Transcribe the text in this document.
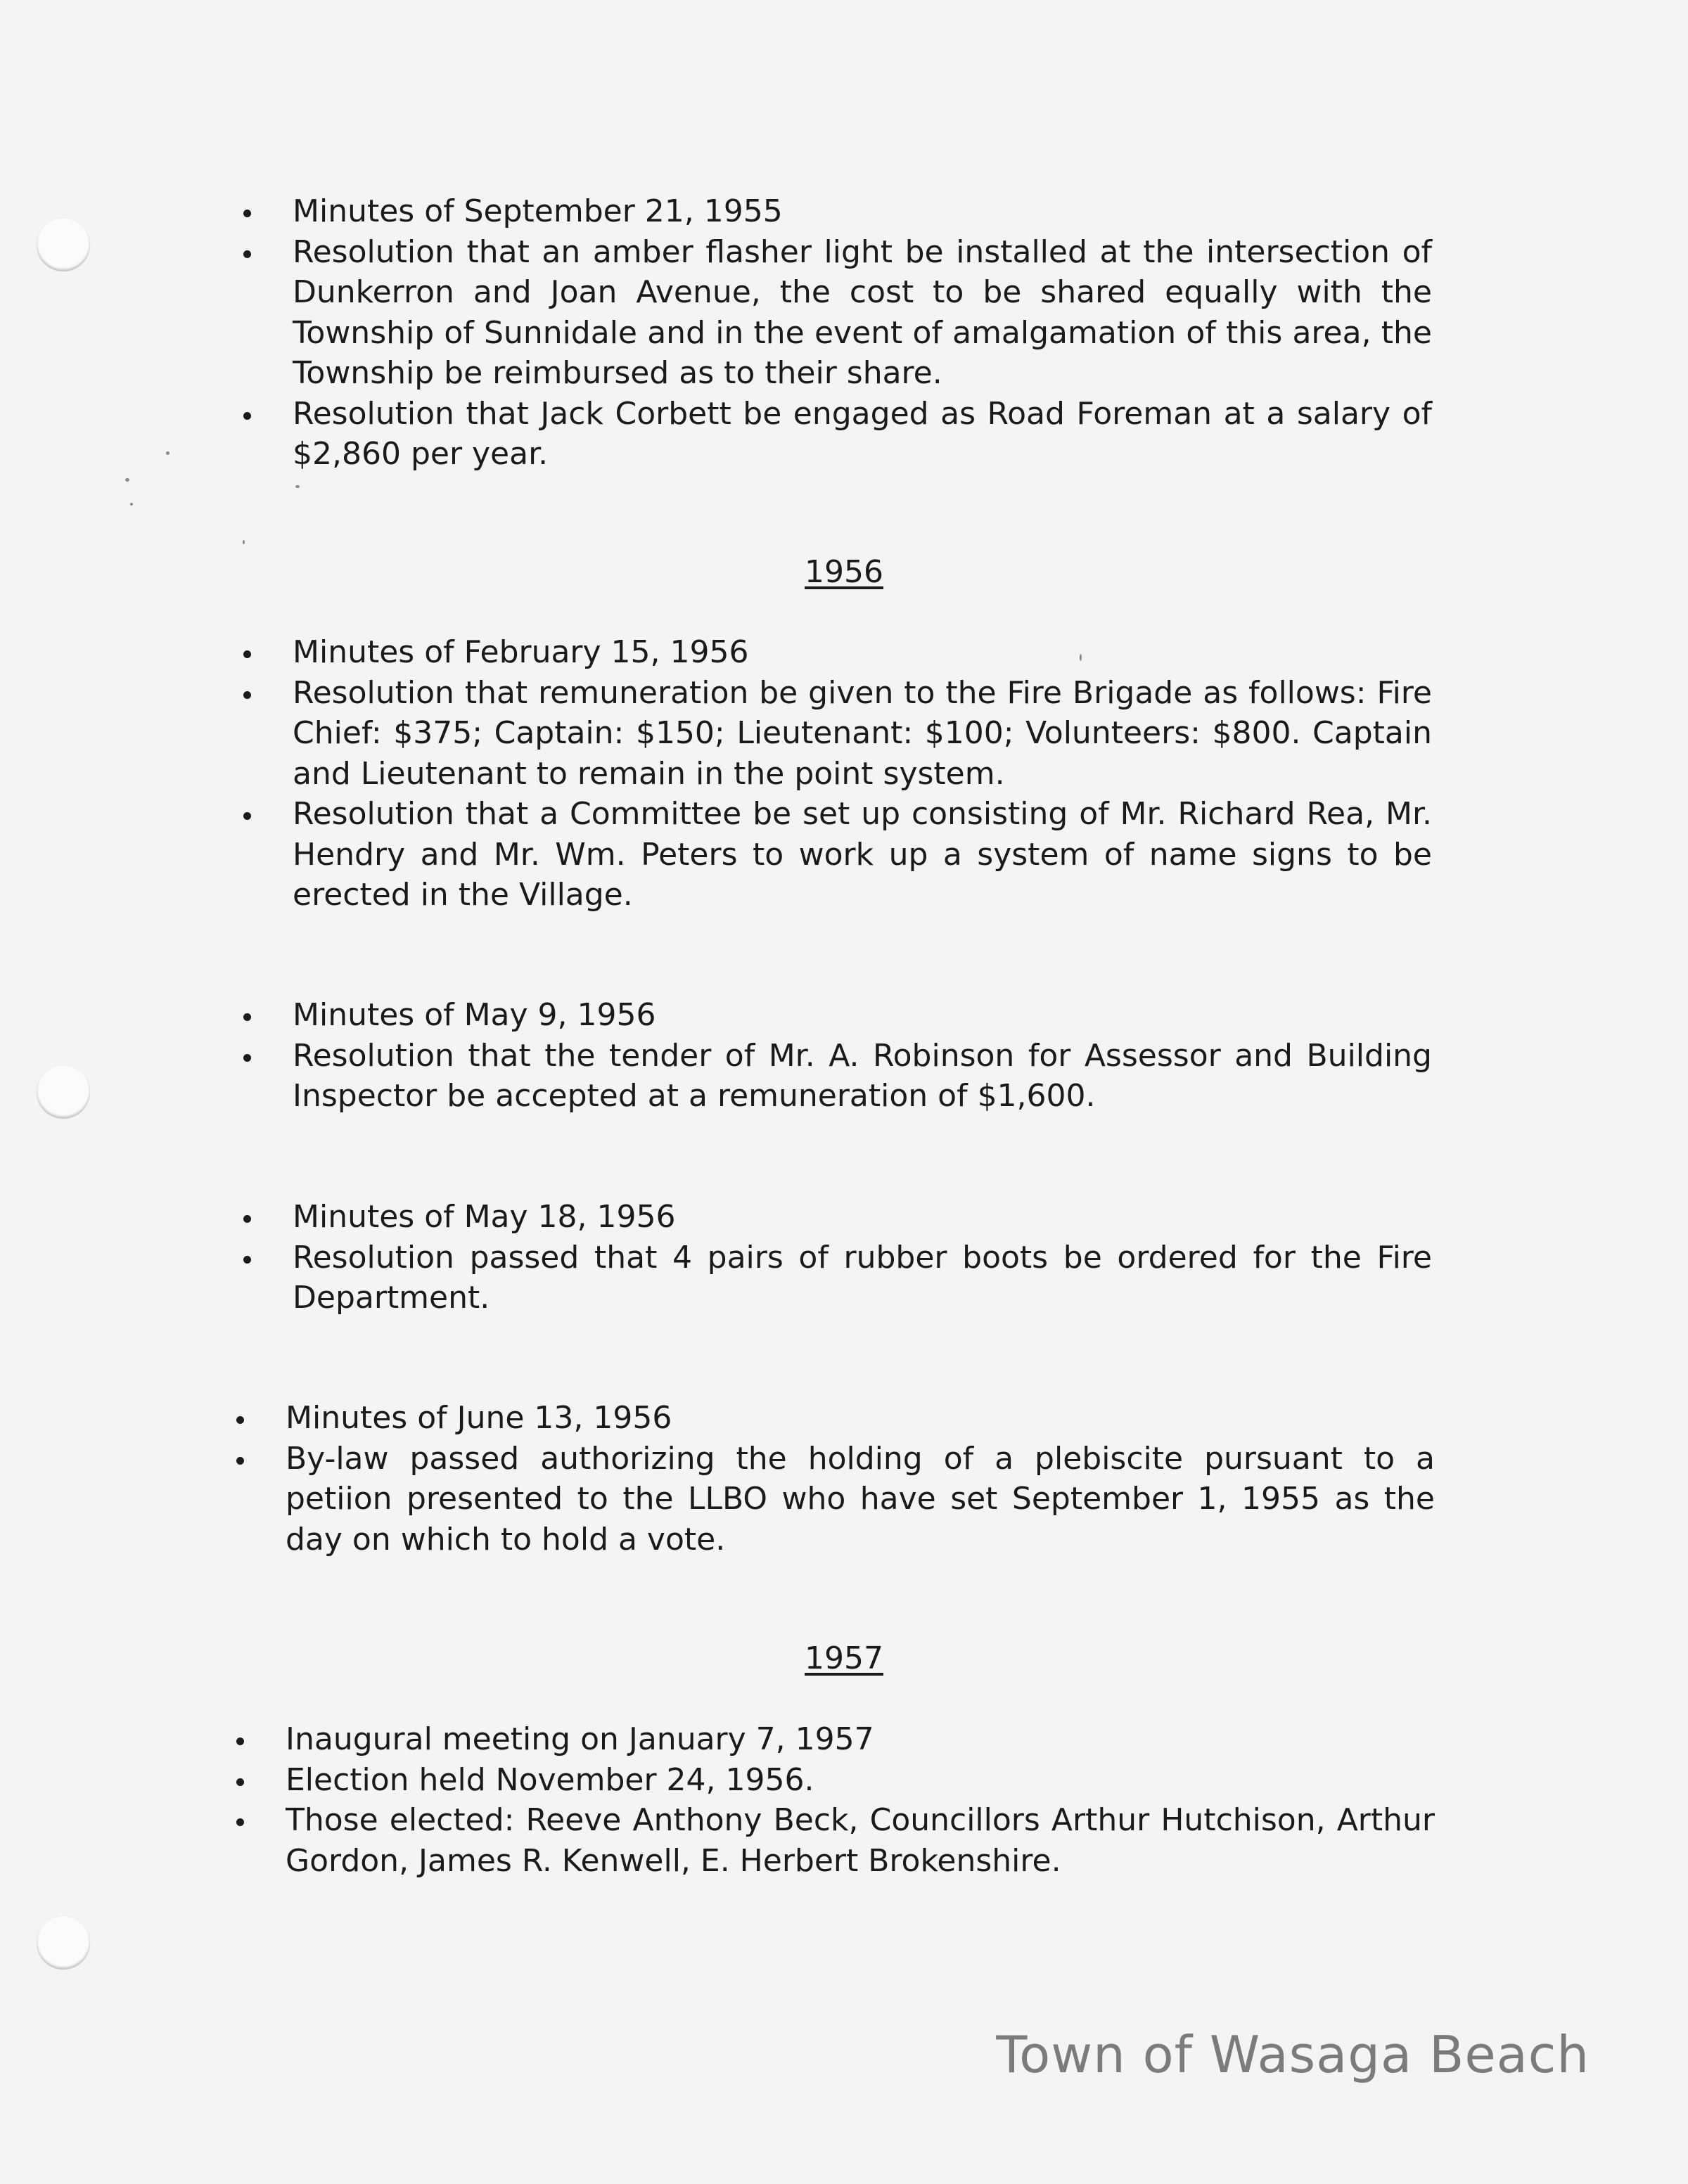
Minutes of September 21, 1955
Resolution that an amber flasher light be installed at the intersection of Dunkerron and Joan Avenue, the cost to be shared equally with the Township of Sunnidale and in the event of amalgamation of this area, the Township be reimbursed as to their share.
Resolution that Jack Corbett be engaged as Road Foreman at a salary of $2,860 per year.
1956
Minutes of February 15, 1956
Resolution that remuneration be given to the Fire Brigade as follows: Fire Chief: $375; Captain: $150; Lieutenant: $100; Volunteers: $800. Captain and Lieutenant to remain in the point system.
Resolution that a Committee be set up consisting of Mr. Richard Rea, Mr. Hendry and Mr. Wm. Peters to work up a system of name signs to be erected in the Village.
Minutes of May 9, 1956
Resolution that the tender of Mr. A. Robinson for Assessor and Building Inspector be accepted at a remuneration of $1,600.
Minutes of May 18, 1956
Resolution passed that 4 pairs of rubber boots be ordered for the Fire Department.
Minutes of June 13, 1956
By-law passed authorizing the holding of a plebiscite pursuant to a petiion presented to the LLBO who have set September 1, 1955 as the day on which to hold a vote.
1957
Inaugural meeting on January 7, 1957
Election held November 24, 1956.
Those elected: Reeve Anthony Beck, Councillors Arthur Hutchison, Arthur Gordon, James R. Kenwell, E. Herbert Brokenshire.
Town of Wasaga Beach
